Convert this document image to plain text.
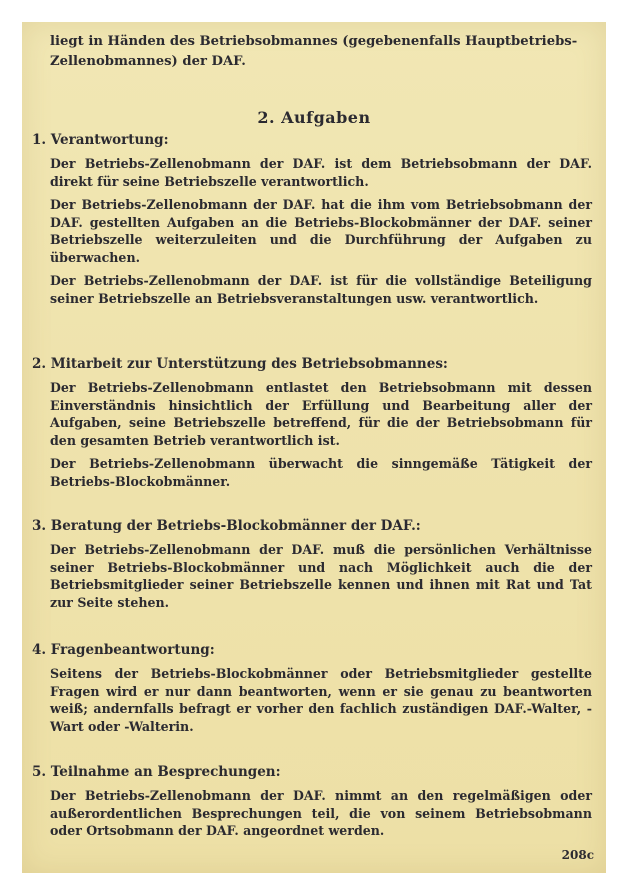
liegt in Händen des Betriebsobmannes (gegebenenfalls Hauptbetriebs-Zellenobmannes) der DAF.
2. Aufgaben
1. Verantwortung:
Der Betriebs-Zellenobmann der DAF. ist dem Betriebsobmann der DAF. direkt für seine Betriebszelle verantwortlich.
Der Betriebs-Zellenobmann der DAF. hat die ihm vom Betriebsobmann der DAF. gestellten Aufgaben an die Betriebs-Blockobmänner der DAF. seiner Betriebszelle weiterzuleiten und die Durchführung der Aufgaben zu überwachen.
Der Betriebs-Zellenobmann der DAF. ist für die vollständige Beteiligung seiner Betriebszelle an Betriebsveranstaltungen usw. verantwortlich.
2. Mitarbeit zur Unterstützung des Betriebsobmannes:
Der Betriebs-Zellenobmann entlastet den Betriebsobmann mit dessen Einverständnis hinsichtlich der Erfüllung und Bearbeitung aller der Aufgaben, seine Betriebszelle betreffend, für die der Betriebsobmann für den gesamten Betrieb verantwortlich ist.
Der Betriebs-Zellenobmann überwacht die sinngemäße Tätigkeit der Betriebs-Blockobmänner.
3. Beratung der Betriebs-Blockobmänner der DAF.:
Der Betriebs-Zellenobmann der DAF. muß die persönlichen Verhältnisse seiner Betriebs-Blockobmänner und nach Möglichkeit auch die der Betriebsmitglieder seiner Betriebszelle kennen und ihnen mit Rat und Tat zur Seite stehen.
4. Fragenbeantwortung:
Seitens der Betriebs-Blockobmänner oder Betriebsmitglieder gestellte Fragen wird er nur dann beantworten, wenn er sie genau zu beantworten weiß; andernfalls befragt er vorher den fachlich zuständigen DAF.-Walter, -Wart oder -Walterin.
5. Teilnahme an Besprechungen:
Der Betriebs-Zellenobmann der DAF. nimmt an den regelmäßigen oder außerordentlichen Besprechungen teil, die von seinem Betriebsobmann oder Ortsobmann der DAF. angeordnet werden.
208c
